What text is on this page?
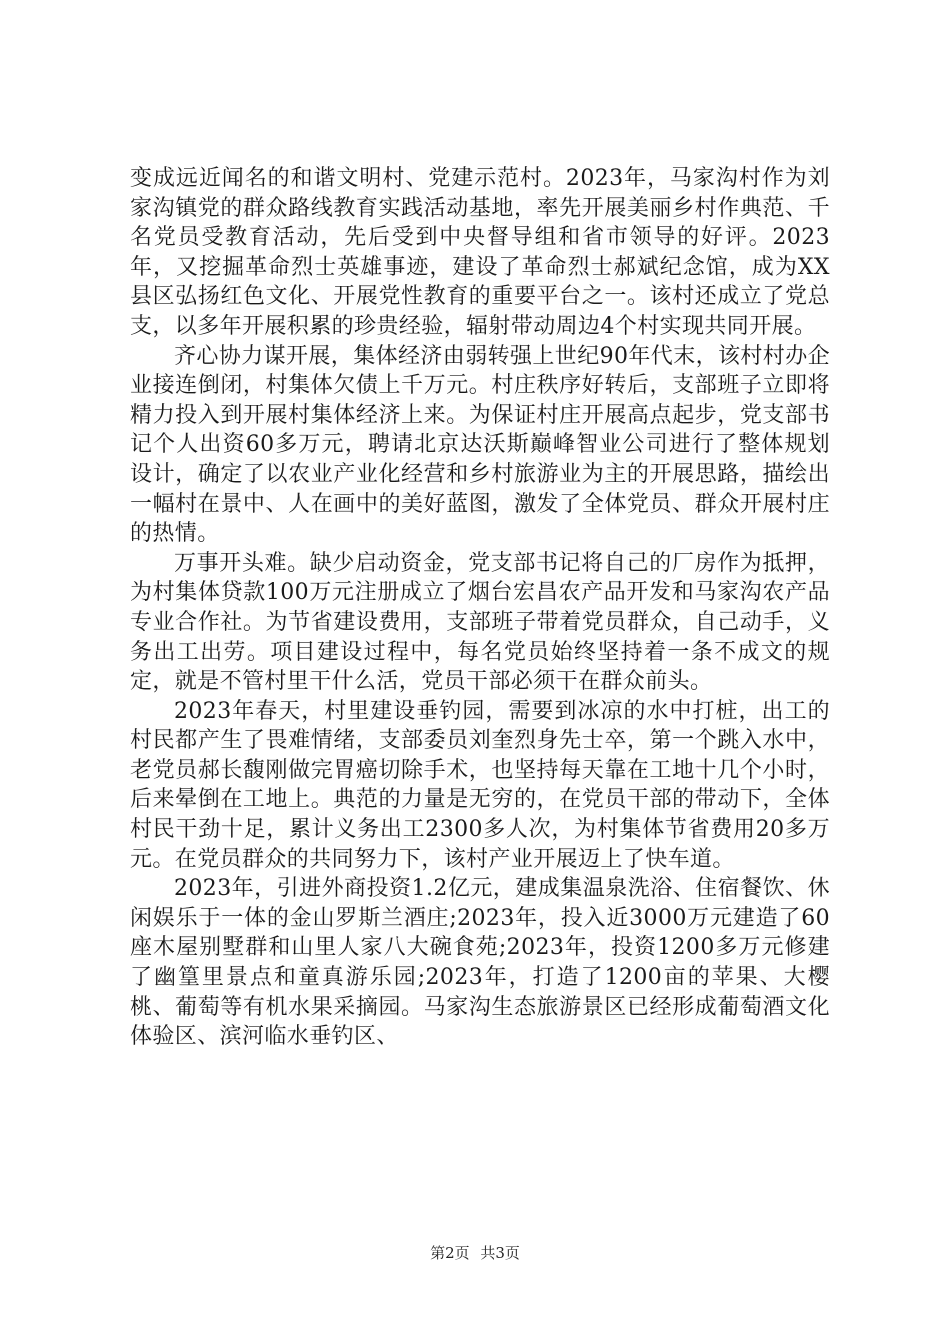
变成远近闻名的和谐文明村、党建示范村。2023年，马家沟村作为刘家沟镇党的群众路线教育实践活动基地，率先开展美丽乡村作典范、千名党员受教育活动，先后受到中央督导组和省市领导的好评。2023年，又挖掘革命烈士英雄事迹，建设了革命烈士郝斌纪念馆，成为XX县区弘扬红色文化、开展党性教育的重要平台之一。该村还成立了党总支，以多年开展积累的珍贵经验，辐射带动周边4个村实现共同开展。

齐心协力谋开展，集体经济由弱转强上世纪90年代末，该村村办企业接连倒闭，村集体欠债上千万元。村庄秩序好转后，支部班子立即将精力投入到开展村集体经济上来。为保证村庄开展高点起步，党支部书记个人出资60多万元，聘请北京达沃斯巅峰智业公司进行了整体规划设计，确定了以农业产业化经营和乡村旅游业为主的开展思路，描绘出一幅村在景中、人在画中的美好蓝图，激发了全体党员、群众开展村庄的热情。

万事开头难。缺少启动资金，党支部书记将自己的厂房作为抵押，为村集体贷款100万元注册成立了烟台宏昌农产品开发和马家沟农产品专业合作社。为节省建设费用，支部班子带着党员群众，自己动手，义务出工出劳。项目建设过程中，每名党员始终坚持着一条不成文的规定，就是不管村里干什么活，党员干部必须干在群众前头。

2023年春天，村里建设垂钓园，需要到冰凉的水中打桩，出工的村民都产生了畏难情绪，支部委员刘奎烈身先士卒，第一个跳入水中，老党员郝长馥刚做完胃癌切除手术，也坚持每天靠在工地十几个小时，后来晕倒在工地上。典范的力量是无穷的，在党员干部的带动下，全体村民干劲十足，累计义务出工2300多人次，为村集体节省费用20多万元。在党员群众的共同努力下，该村产业开展迈上了快车道。

2023年，引进外商投资1.2亿元，建成集温泉洗浴、住宿餐饮、休闲娱乐于一体的金山罗斯兰酒庄;2023年，投入近3000万元建造了60座木屋别墅群和山里人家八大碗食苑;2023年，投资1200多万元修建了幽篁里景点和童真游乐园;2023年，打造了1200亩的苹果、大樱桃、葡萄等有机水果采摘园。马家沟生态旅游景区已经形成葡萄酒文化体验区、滨河临水垂钓区、

第2页 共3页
